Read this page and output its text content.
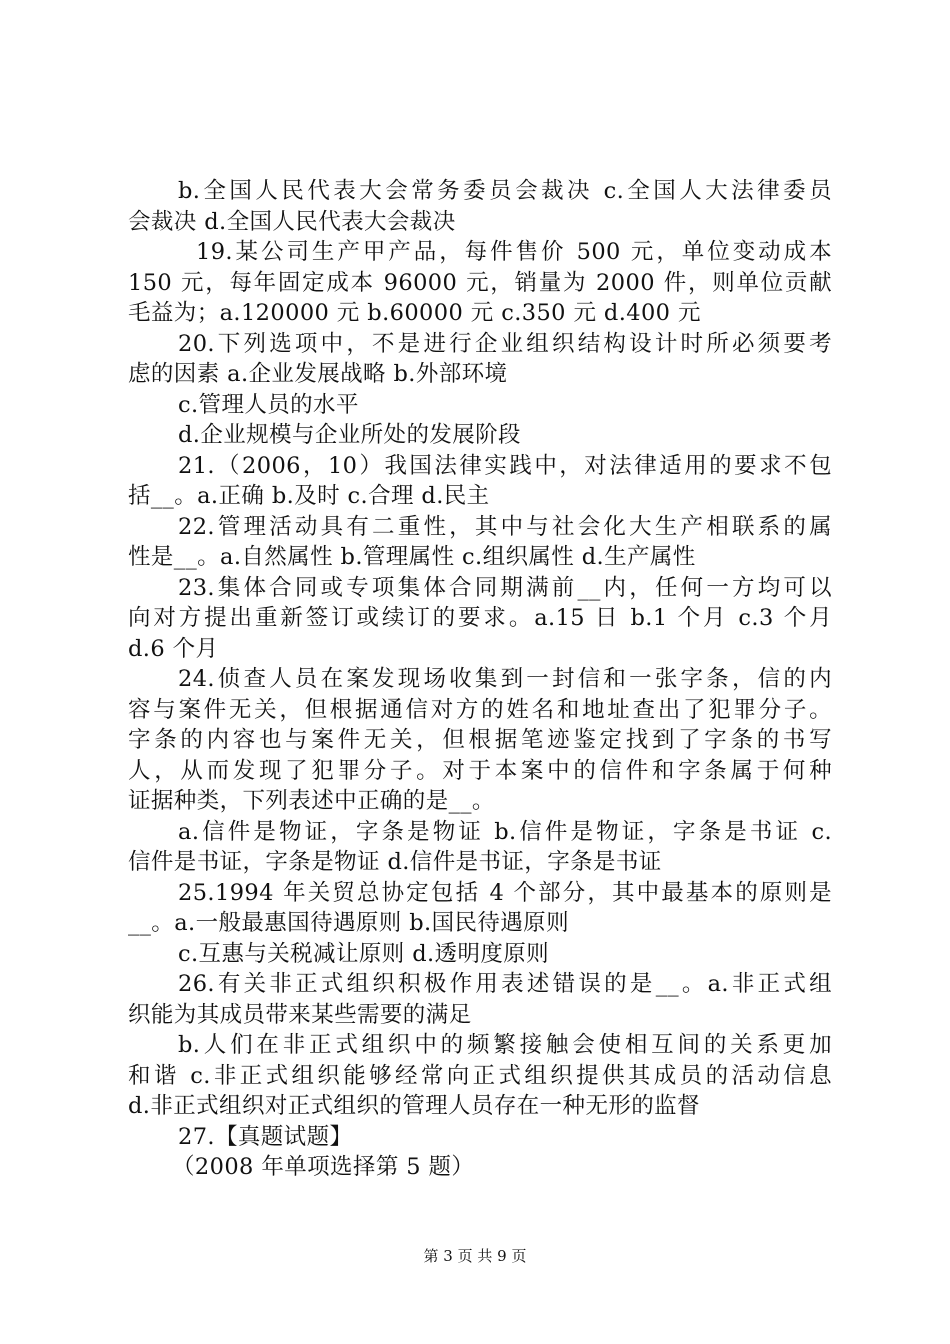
b.全国人民代表大会常务委员会裁决 c.全国人大法律委员
会裁决 d.全国人民代表大会裁决
19.某公司生产甲产品，每件售价 500 元，单位变动成本
150 元，每年固定成本 96000 元，销量为 2000 件，则单位贡献
毛益为；a.120000 元 b.60000 元 c.350 元 d.400 元
20.下列选项中，不是进行企业组织结构设计时所必须要考
虑的因素 a.企业发展战略 b.外部环境
c.管理人员的水平
d.企业规模与企业所处的发展阶段
21.（2006，10）我国法律实践中，对法律适用的要求不包
括__。a.正确 b.及时 c.合理 d.民主
22.管理活动具有二重性，其中与社会化大生产相联系的属
性是__。a.自然属性 b.管理属性 c.组织属性 d.生产属性
23.集体合同或专项集体合同期满前__内，任何一方均可以
向对方提出重新签订或续订的要求。a.15 日 b.1 个月 c.3 个月
d.6 个月
24.侦查人员在案发现场收集到一封信和一张字条，信的内
容与案件无关，但根据通信对方的姓名和地址查出了犯罪分子。
字条的内容也与案件无关，但根据笔迹鉴定找到了字条的书写
人，从而发现了犯罪分子。对于本案中的信件和字条属于何种
证据种类，下列表述中正确的是__。
a.信件是物证，字条是物证 b.信件是物证，字条是书证 c.
信件是书证，字条是物证 d.信件是书证，字条是书证
25.1994 年关贸总协定包括 4 个部分，其中最基本的原则是
__。a.一般最惠国待遇原则 b.国民待遇原则
c.互惠与关税减让原则 d.透明度原则
26.有关非正式组织积极作用表述错误的是__。a.非正式组
织能为其成员带来某些需要的满足
b.人们在非正式组织中的频繁接触会使相互间的关系更加
和谐 c.非正式组织能够经常向正式组织提供其成员的活动信息
d.非正式组织对正式组织的管理人员存在一种无形的监督
27.【真题试题】
（2008 年单项选择第 5 题）
第 3 页 共 9 页
